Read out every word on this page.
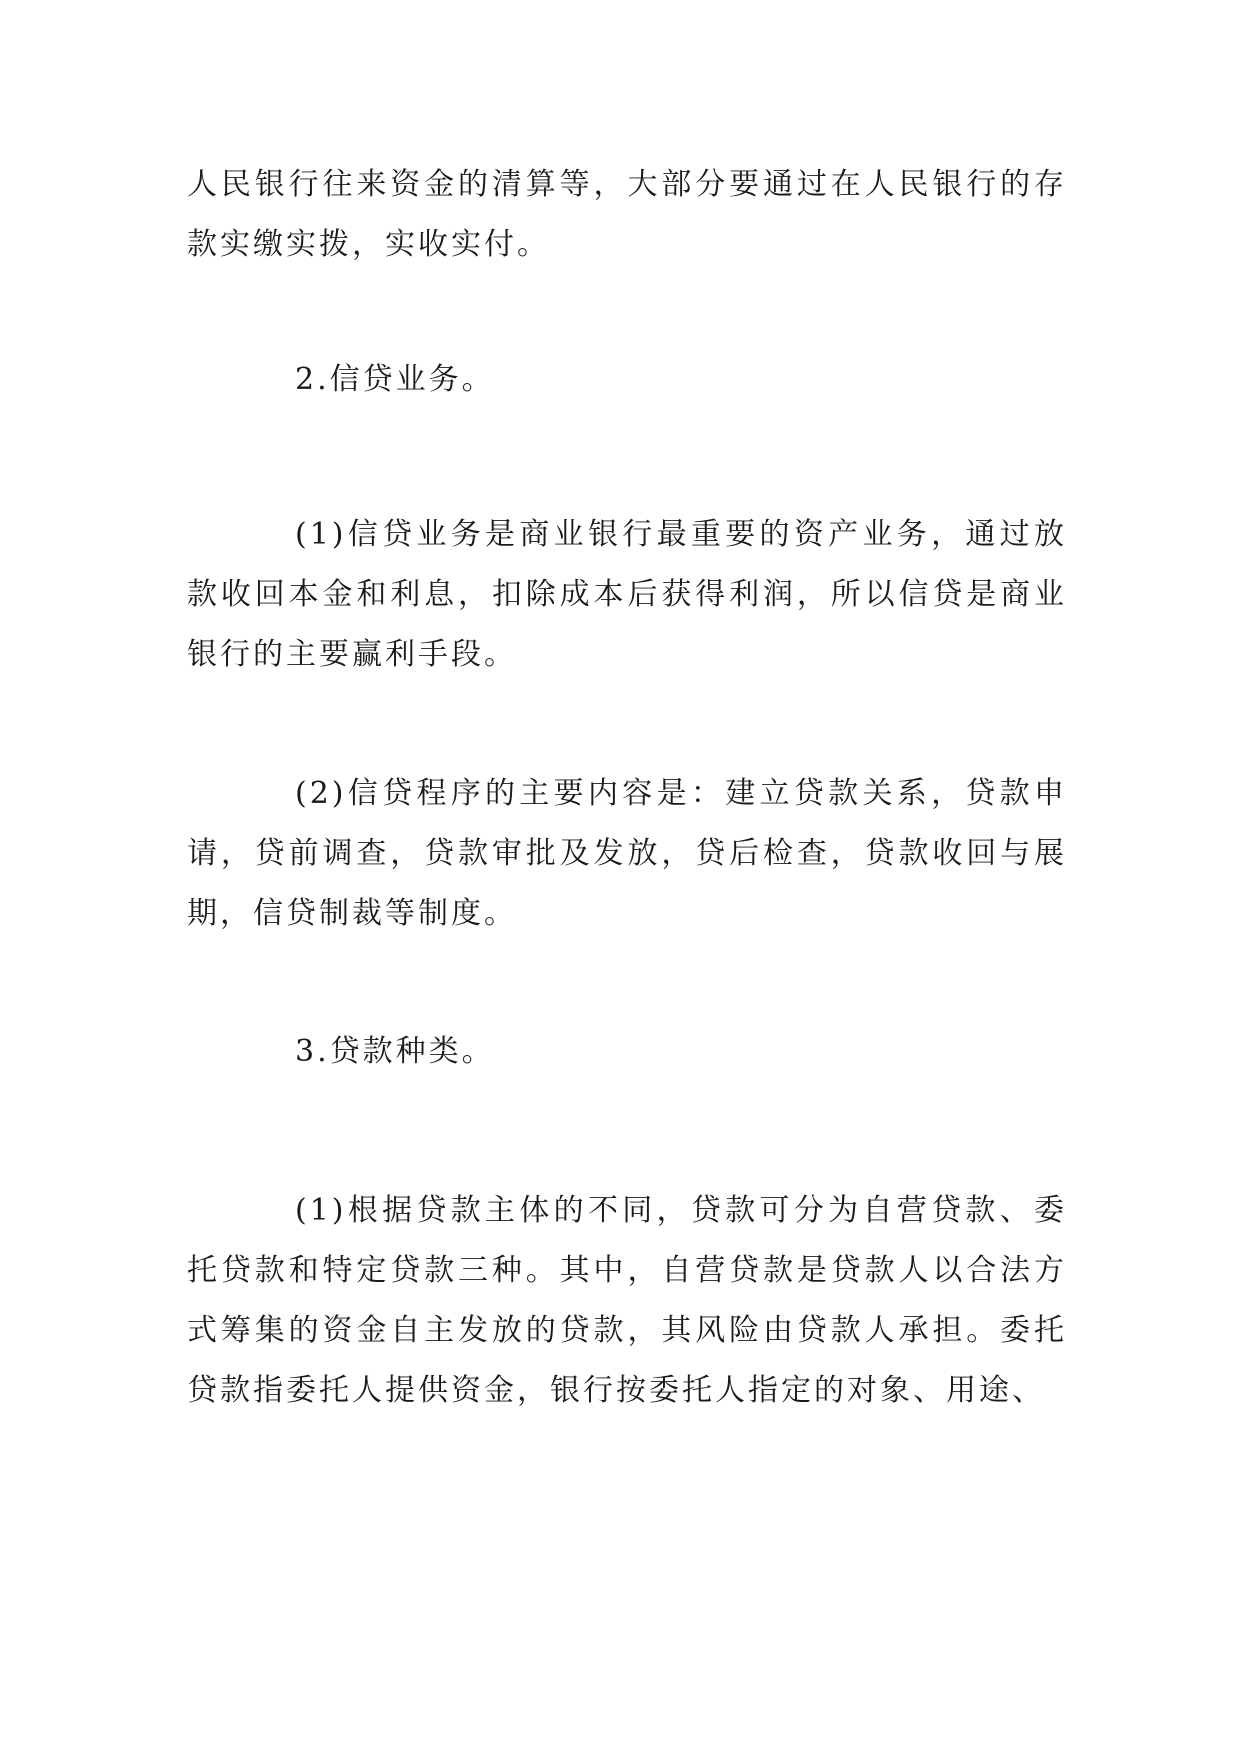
人民银行往来资金的清算等，大部分要通过在人民银行的存款实缴实拨，实收实付。

2.信贷业务。

(1)信贷业务是商业银行最重要的资产业务，通过放款收回本金和利息，扣除成本后获得利润，所以信贷是商业银行的主要赢利手段。

(2)信贷程序的主要内容是：建立贷款关系，贷款申请，贷前调查，贷款审批及发放，贷后检查，贷款收回与展期，信贷制裁等制度。

3.贷款种类。

(1)根据贷款主体的不同，贷款可分为自营贷款、委托贷款和特定贷款三种。其中，自营贷款是贷款人以合法方式筹集的资金自主发放的贷款，其风险由贷款人承担。委托贷款指委托人提供资金，银行按委托人指定的对象、用途、
